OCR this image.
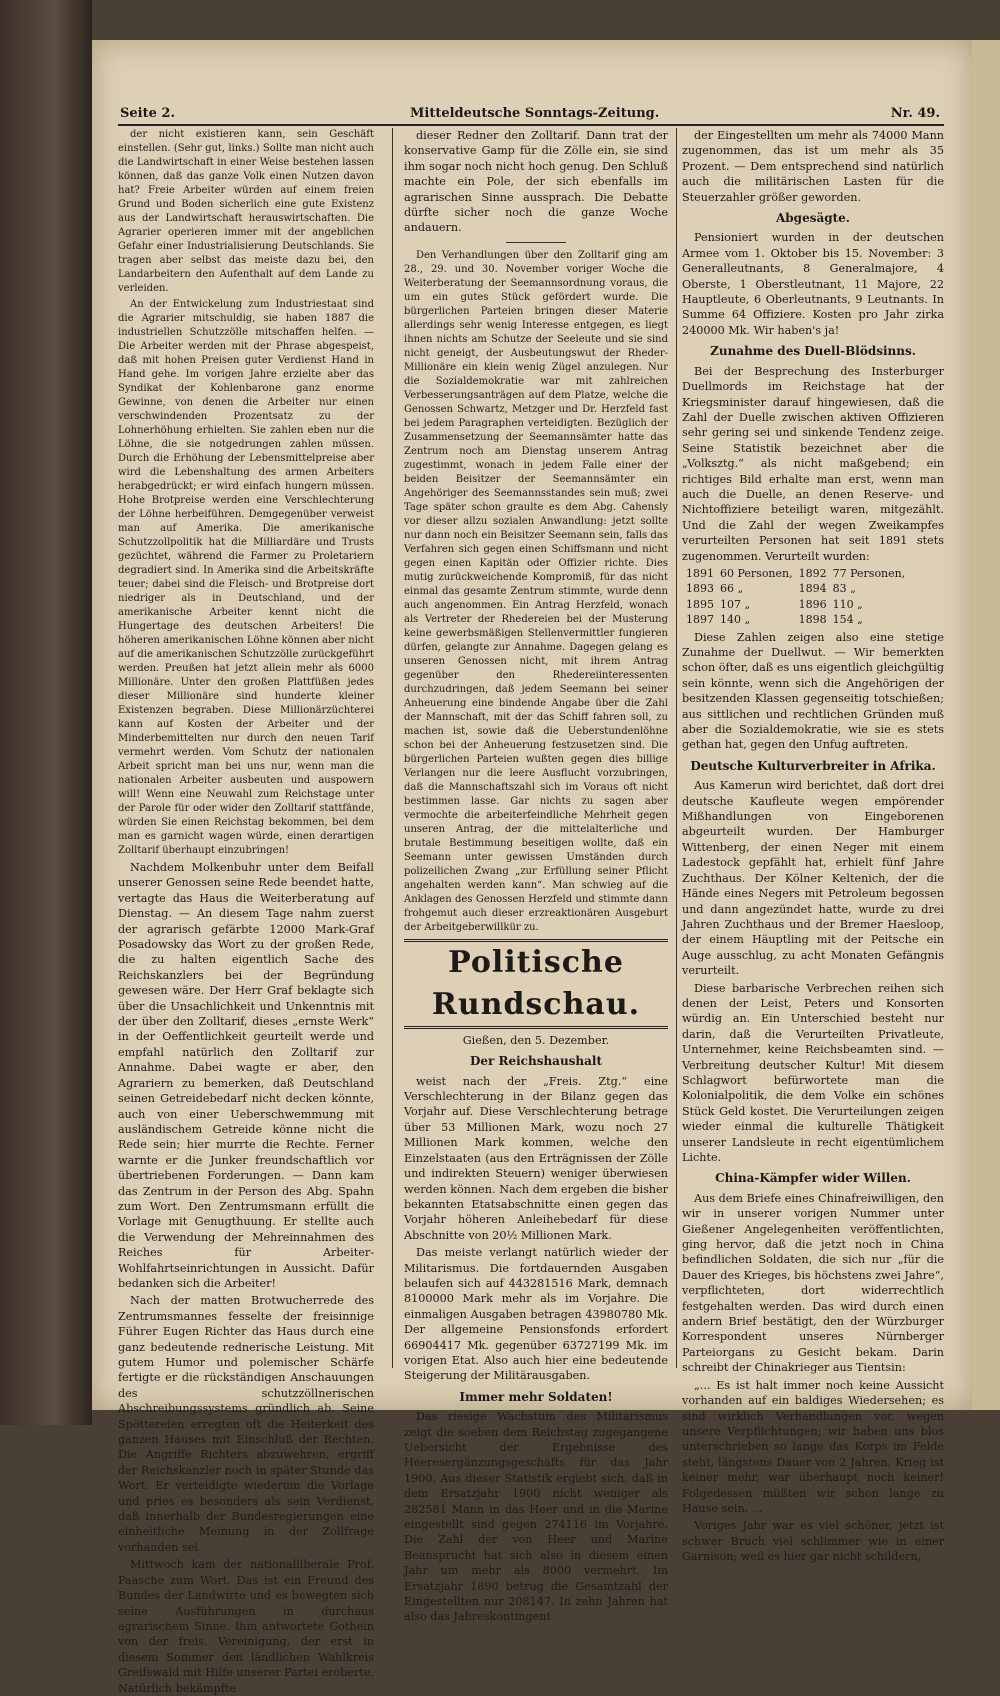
Seite 2.	Mitteldeutsche Sonntags-Zeitung.	Nr. 49.

der nicht existieren kann, sein Geschäft einstellen. (Sehr gut, links.) Sollte man nicht auch die Landwirtschaft in einer Weise bestehen lassen können, daß das ganze Volk einen Nutzen davon hat? Freie Arbeiter würden auf einem freien Grund und Boden sicherlich eine gute Existenz aus der Landwirtschaft herauswirtschaften. Die Agrarier operieren immer mit der angeblichen Gefahr einer Industrialisierung Deutschlands. Sie tragen aber selbst das meiste dazu bei, den Landarbeitern den Aufenthalt auf dem Lande zu verleiden.

An der Entwickelung zum Industriestaat sind die Agrarier mitschuldig, sie haben 1887 die industriellen Schutzzölle mitschaffen helfen. — Die Arbeiter werden mit der Phrase abgespeist, daß mit hohen Preisen guter Verdienst Hand in Hand gehe. Im vorigen Jahre erzielte aber das Syndikat der Kohlenbarone ganz enorme Gewinne, von denen die Arbeiter nur einen verschwindenden Prozentsatz zu der Lohnerhöhung erhielten. Sie zahlen eben nur die Löhne, die sie notgedrungen zahlen müssen. Durch die Erhöhung der Lebensmittelpreise aber wird die Lebenshaltung des armen Arbeiters herabgedrückt; er wird einfach hungern müssen. Hohe Brotpreise werden eine Verschlechterung der Löhne herbeiführen. Demgegenüber verweist man auf Amerika. Die amerikanische Schutzzollpolitik hat die Milliardäre und Trusts gezüchtet, während die Farmer zu Proletariern degradiert sind. In Amerika sind die Arbeitskräfte teuer; dabei sind die Fleisch- und Brotpreise dort niedriger als in Deutschland, und der amerikanische Arbeiter kennt nicht die Hungertage des deutschen Arbeiters! Die höheren amerikanischen Löhne können aber nicht auf die amerikanischen Schutzzölle zurückgeführt werden. Preußen hat jetzt allein mehr als 6000 Millionäre. Unter den großen Plattfüßen jedes dieser Millionäre sind hunderte kleiner Existenzen begraben. Diese Millionärzüchterei kann auf Kosten der Arbeiter und der Minderbemittelten nur durch den neuen Tarif vermehrt werden. Vom Schutz der nationalen Arbeit spricht man bei uns nur, wenn man die nationalen Arbeiter ausbeuten und auspowern will! Wenn eine Neuwahl zum Reichstage unter der Parole für oder wider den Zolltarif stattfände, würden Sie einen Reichstag bekommen, bei dem man es garnicht wagen würde, einen derartigen Zolltarif überhaupt einzubringen!

Nachdem Molkenbuhr unter dem Beifall unserer Genossen seine Rede beendet hatte, vertagte das Haus die Weiterberatung auf Dienstag. — An diesem Tage nahm zuerst der agrarisch gefärbte 12000 Mark-Graf Posadowsky das Wort zu der großen Rede, die zu halten eigentlich Sache des Reichskanzlers bei der Begründung gewesen wäre. Der Herr Graf beklagte sich über die Unsachlichkeit und Unkenntnis mit der über den Zolltarif, dieses „ernste Werk“ in der Oeffentlichkeit geurteilt werde und empfahl natürlich den Zolltarif zur Annahme. Dabei wagte er aber, den Agrariern zu bemerken, daß Deutschland seinen Getreidebedarf nicht decken könnte, auch von einer Ueberschwemmung mit ausländischem Getreide könne nicht die Rede sein; hier murrte die Rechte. Ferner warnte er die Junker freundschaftlich vor übertriebenen Forderungen. — Dann kam das Zentrum in der Person des Abg. Spahn zum Wort. Den Zentrumsmann erfüllt die Vorlage mit Genugthuung. Er stellte auch die Verwendung der Mehreinnahmen des Reiches für Arbeiter-Wohlfahrtseinrichtungen in Aussicht. Dafür bedanken sich die Arbeiter!

Nach der matten Brotwucherrede des Zentrumsmannes fesselte der freisinnige Führer Eugen Richter das Haus durch eine ganz bedeutende rednerische Leistung. Mit gutem Humor und polemischer Schärfe fertigte er die rückständigen Anschauungen des schutzzöllnerischen Abschreibungssystems gründlich ab. Seine Spöttereien erregten oft die Heiterkeit des ganzen Hauses mit Einschluß der Rechten. Die Angriffe Richters abzuwehren, ergriff der Reichskanzler noch in später Stunde das Wort. Er verteidigte wiederum die Vorlage und pries es besonders als sein Verdienst, daß innerhalb der Bundesregierungen eine einheitliche Meinung in der Zollfrage vorhanden sei.

Mittwoch kam der nationalliberale Prof. Paasche zum Wort. Das ist ein Freund des Bundes der Landwirte und es bewegten sich seine Ausführungen in durchaus agrarischem Sinne. Ihm antwortete Gothein von der freis. Vereinigung, der erst in diesem Sommer den ländlichen Wahlkreis Greifswald mit Hilfe unserer Partei eroberte. Natürlich bekämpfte

dieser Redner den Zolltarif. Dann trat der konservative Gamp für die Zölle ein, sie sind ihm sogar noch nicht hoch genug. Den Schluß machte ein Pole, der sich ebenfalls im agrarischen Sinne aussprach. Die Debatte dürfte sicher noch die ganze Woche andauern.

Den Verhandlungen über den Zolltarif ging am 28., 29. und 30. November voriger Woche die Weiterberatung der Seemannsordnung voraus, die um ein gutes Stück gefördert wurde. Die bürgerlichen Parteien bringen dieser Materie allerdings sehr wenig Interesse entgegen, es liegt ihnen nichts am Schutze der Seeleute und sie sind nicht geneigt, der Ausbeutungswut der Rheder-Millionäre ein klein wenig Zügel anzulegen. Nur die Sozialdemokratie war mit zahlreichen Verbesserungsanträgen auf dem Platze, welche die Genossen Schwartz, Metzger und Dr. Herzfeld fast bei jedem Paragraphen verteidigten. Bezüglich der Zusammensetzung der Seemannsämter hatte das Zentrum noch am Dienstag unserem Antrag zugestimmt, wonach in jedem Falle einer der beiden Beisitzer der Seemannsämter ein Angehöriger des Seemannsstandes sein muß; zwei Tage später schon graulte es dem Abg. Cahensly vor dieser allzu sozialen Anwandlung: jetzt sollte nur dann noch ein Beisitzer Seemann sein, falls das Verfahren sich gegen einen Schiffsmann und nicht gegen einen Kapitän oder Offizier richte. Dies mutig zurückweichende Kompromiß, für das nicht einmal das gesamte Zentrum stimmte, wurde denn auch angenommen. Ein Antrag Herzfeld, wonach als Vertreter der Rhedereien bei der Musterung keine gewerbsmäßigen Stellenvermittler fungieren dürfen, gelangte zur Annahme. Dagegen gelang es unseren Genossen nicht, mit ihrem Antrag gegenüber den Rhedereiinteressenten durchzudringen, daß jedem Seemann bei seiner Anheuerung eine bindende Angabe über die Zahl der Mannschaft, mit der das Schiff fahren soll, zu machen ist, sowie daß die Ueberstundenlöhne schon bei der Anheuerung festzusetzen sind. Die bürgerlichen Parteien wußten gegen dies billige Verlangen nur die leere Ausflucht vorzubringen, daß die Mannschaftszahl sich im Voraus oft nicht bestimmen lasse. Gar nichts zu sagen aber vermochte die arbeiterfeindliche Mehrheit gegen unseren Antrag, der die mittelalterliche und brutale Bestimmung beseitigen wollte, daß ein Seemann unter gewissen Umständen durch polizeilichen Zwang „zur Erfüllung seiner Pflicht angehalten werden kann“. Man schwieg auf die Anklagen des Genossen Herzfeld und stimmte dann frohgemut auch dieser erzreaktionären Ausgeburt der Arbeitgeberwillkür zu.

Politische Rundschau.

Gießen, den 5. Dezember.

Der Reichshaushalt

weist nach der „Freis. Ztg.“ eine Verschlechterung in der Bilanz gegen das Vorjahr auf. Diese Verschlechterung betrage über 53 Millionen Mark, wozu noch 27 Millionen Mark kommen, welche den Einzelstaaten (aus den Erträgnissen der Zölle und indirekten Steuern) weniger überwiesen werden können. Nach dem ergeben die bisher bekannten Etatsabschnitte einen gegen das Vorjahr höheren Anleihebedarf für diese Abschnitte von 20½ Millionen Mark.

Das meiste verlangt natürlich wieder der Militarismus. Die fortdauernden Ausgaben belaufen sich auf 443281516 Mark, demnach 8100000 Mark mehr als im Vorjahre. Die einmaligen Ausgaben betragen 43980780 Mk. Der allgemeine Pensionsfonds erfordert 66904417 Mk. gegenüber 63727199 Mk. im vorigen Etat. Also auch hier eine bedeutende Steigerung der Militärausgaben.

Immer mehr Soldaten!

Das riesige Wachstum des Militarismus zeigt die soeben dem Reichstag zugegangene Uebersicht der Ergebnisse des Heeresergänzungsgeschäfts für das Jahr 1900. Aus dieser Statistik ergiebt sich, daß in dem Ersatzjahr 1900 nicht weniger als 282581 Mann in das Heer und in die Marine eingestellt sind gegen 274116 im Vorjahre. Die Zahl der von Heer und Marine Beansprucht hat sich also in diesem einen Jahr um mehr als 8000 vermehrt. Im Ersatzjahr 1890 betrug die Gesamtzahl der Eingestellten nur 208147. In zehn Jahren hat also das Jahreskontingent

der Eingestellten um mehr als 74000 Mann zugenommen, das ist um mehr als 35 Prozent. — Dem entsprechend sind natürlich auch die militärischen Lasten für die Steuerzahler größer geworden.

Abgesägte.

Pensioniert wurden in der deutschen Armee vom 1. Oktober bis 15. November: 3 Generalleutnants, 8 Generalmajore, 4 Oberste, 1 Oberstleutnant, 11 Majore, 22 Hauptleute, 6 Oberleutnants, 9 Leutnants. In Summe 64 Offiziere. Kosten pro Jahr zirka 240000 Mk. Wir haben's ja!

Zunahme des Duell-Blödsinns.

Bei der Besprechung des Insterburger Duellmords im Reichstage hat der Kriegsminister darauf hingewiesen, daß die Zahl der Duelle zwischen aktiven Offizieren sehr gering sei und sinkende Tendenz zeige. Seine Statistik bezeichnet aber die „Volksztg.“ als nicht maßgebend; ein richtiges Bild erhalte man erst, wenn man auch die Duelle, an denen Reserve- und Nichtoffiziere beteiligt waren, mitgezählt. Und die Zahl der wegen Zweikampfes verurteilten Personen hat seit 1891 stets zugenommen. Verurteilt wurden:

1891	60 Personen,	1892	77 Personen,
1893	66 „	1894	83 „
1895	107 „	1896	110 „
1897	140 „	1898	154 „

Diese Zahlen zeigen also eine stetige Zunahme der Duellwut. — Wir bemerkten schon öfter, daß es uns eigentlich gleichgültig sein könnte, wenn sich die Angehörigen der besitzenden Klassen gegenseitig totschießen; aus sittlichen und rechtlichen Gründen muß aber die Sozialdemokratie, wie sie es stets gethan hat, gegen den Unfug auftreten.

Deutsche Kulturverbreiter in Afrika.

Aus Kamerun wird berichtet, daß dort drei deutsche Kaufleute wegen empörender Mißhandlungen von Eingeborenen abgeurteilt wurden. Der Hamburger Wittenberg, der einen Neger mit einem Ladestock gepfählt hat, erhielt fünf Jahre Zuchthaus. Der Kölner Keltenich, der die Hände eines Negers mit Petroleum begossen und dann angezündet hatte, wurde zu drei Jahren Zuchthaus und der Bremer Haesloop, der einem Häuptling mit der Peitsche ein Auge ausschlug, zu acht Monaten Gefängnis verurteilt.

Diese barbarische Verbrechen reihen sich denen der Leist, Peters und Konsorten würdig an. Ein Unterschied besteht nur darin, daß die Verurteilten Privatleute, Unternehmer, keine Reichsbeamten sind. — Verbreitung deutscher Kultur! Mit diesem Schlagwort befürwortete man die Kolonialpolitik, die dem Volke ein schönes Stück Geld kostet. Die Verurteilungen zeigen wieder einmal die kulturelle Thätigkeit unserer Landsleute in recht eigentümlichem Lichte.

China-Kämpfer wider Willen.

Aus dem Briefe eines Chinafreiwilligen, den wir in unserer vorigen Nummer unter Gießener Angelegenheiten veröffentlichten, ging hervor, daß die jetzt noch in China befindlichen Soldaten, die sich nur „für die Dauer des Krieges, bis höchstens zwei Jahre“, verpflichteten, dort widerrechtlich festgehalten werden. Das wird durch einen andern Brief bestätigt, den der Würzburger Korrespondent unseres Nürnberger Parteiorgans zu Gesicht bekam. Darin schreibt der Chinakrieger aus Tientsin:

„... Es ist halt immer noch keine Aussicht vorhanden auf ein baldiges Wiedersehen; es sind wirklich Verhandlungen vor, wegen unsere Verpflichtungen; wir haben uns blos unterschrieben so lange das Korps im Felde steht, längstens Dauer von 2 Jahren, Krieg ist keiner mehr, war überhaupt noch keiner! Folgedessen müßten wir schon lange zu Hause sein. ...

Voriges Jahr war es viel schöner, jetzt ist schwer Bruch viel schlimmer wie in einer Garnison; weil es hier gar nicht schildern,
